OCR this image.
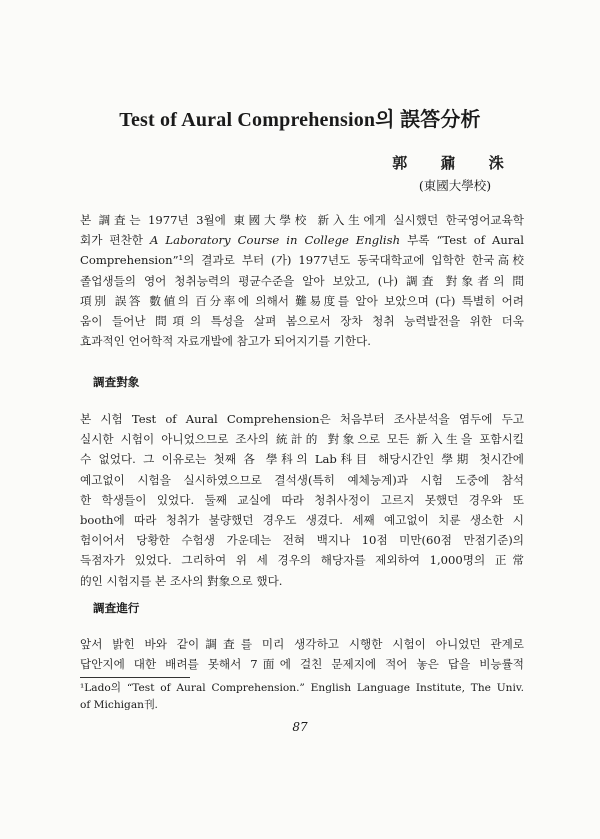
Test of Aural Comprehension의 誤答分析
郭 鼐 洙
(東國大學校)
본 調査는 1977년 3월에 東國大學校 新入生에게 실시했던 한국영어교육학
회가 편찬한 A Laboratory Course in College English 부록 “Test of Aural
Comprehension”¹의 결과로 부터 (가) 1977년도 동국대학교에 입학한 한국高校
졸업생들의 영어 청취능력의 평균수준을 알아 보았고, (나) 調査 對象者의 問
項別 誤答 數値의 百分率에 의해서 難易度를 알아 보았으며 (다) 특별히 어려
움이 들어난 問項의 특성을 살펴 봄으로서 장차 청취 능력발전을 위한 더욱
효과적인 언어학적 자료개발에 참고가 되어지기를 기한다.
調査對象
본 시험 Test of Aural Comprehension은 처음부터 조사분석을 염두에 두고
실시한 시험이 아니었으므로 조사의 統計的 對象으로 모든 新入生을 포함시킬
수 없었다. 그 이유로는 첫째 各 學科의 Lab科目 해당시간인 學期 첫시간에
예고없이 시험을 실시하였으므로 결석생(특히 예체능계)과 시험 도중에 참석
한 학생들이 있었다. 둘째 교실에 따라 청취사정이 고르지 못했던 경우와 또
booth에 따라 청취가 불량했던 경우도 생겼다. 세째 예고없이 치룬 생소한 시
험이어서 당황한 수험생 가운데는 전혀 백지나 10점 미만(60점 만점기준)의
득점자가 있었다. 그리하여 위 세 경우의 해당자를 제외하여 1,000명의 正常
的인 시험지를 본 조사의 對象으로 했다.
調査進行
앞서 밝힌 바와 같이調査를 미리 생각하고 시행한 시험이 아니었던 관계로
답안지에 대한 배려를 못해서 7面에 걸친 문제지에 적어 놓은 답을 비능률적
¹Lado의 “Test of Aural Comprehension.” English Language Institute, The Univ.
of Michigan刊.
87
